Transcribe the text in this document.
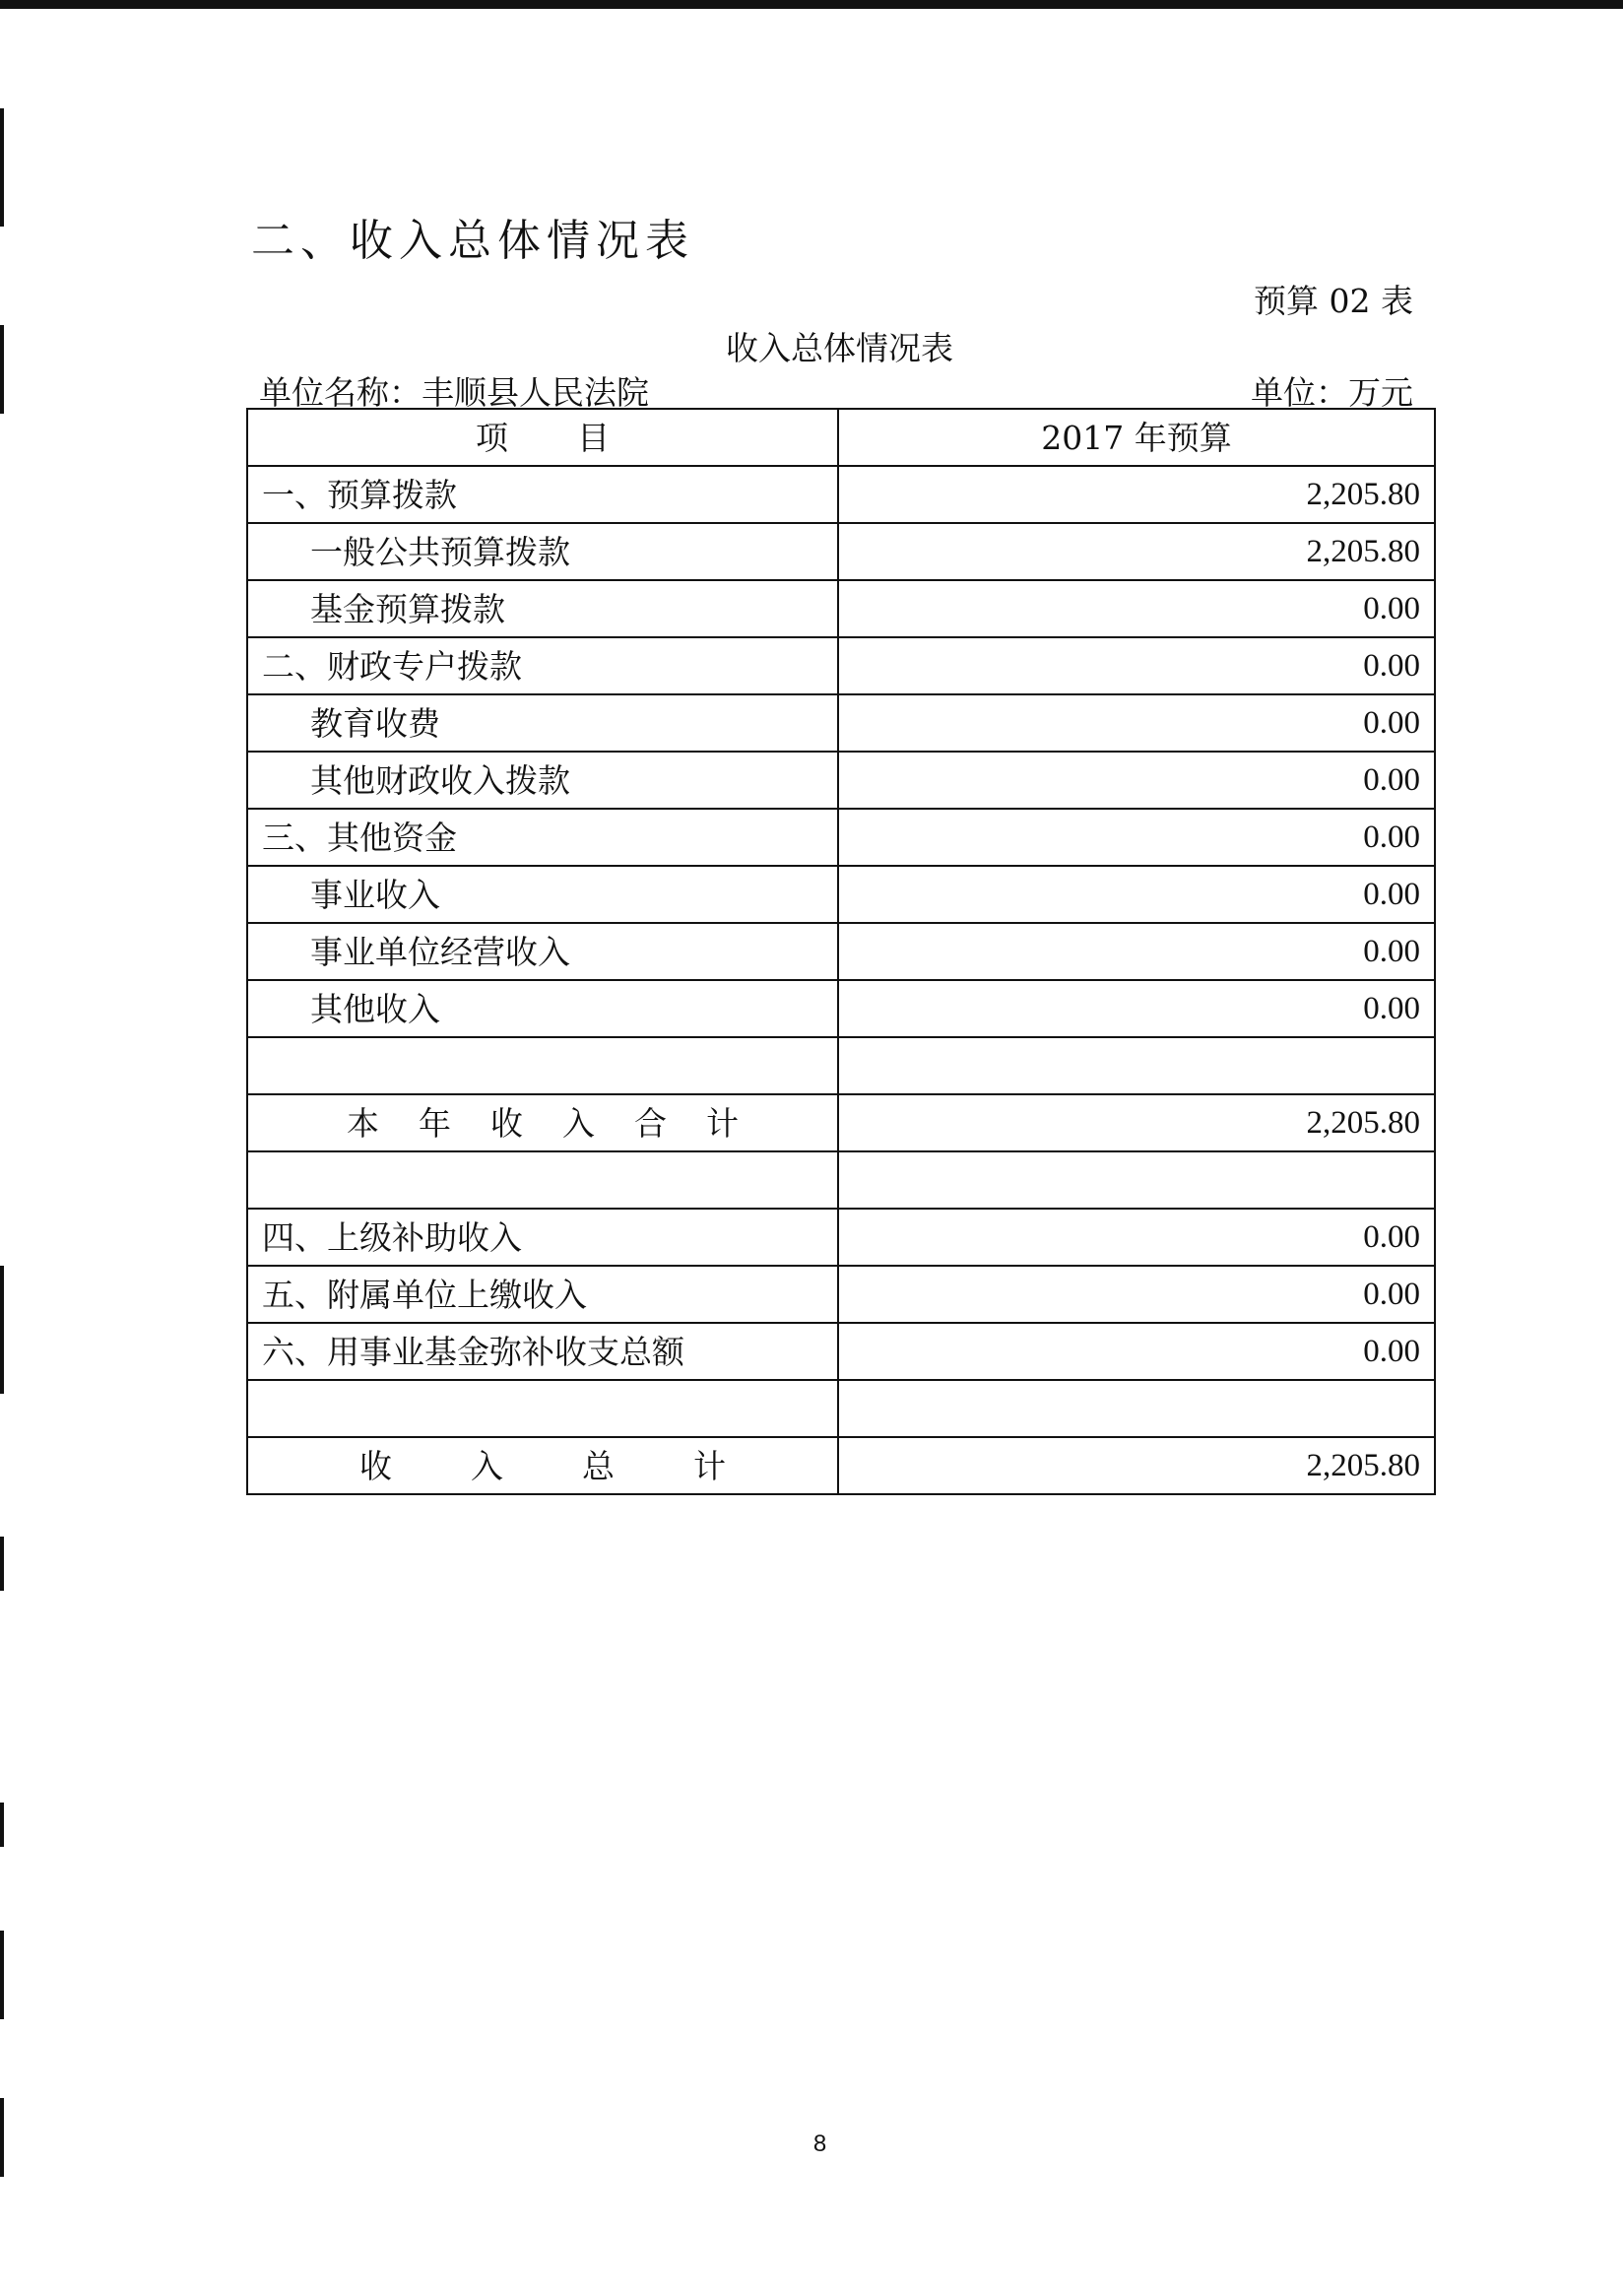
二、收入总体情况表
预算 02 表
收入总体情况表
单位名称：丰顺县人民法院	单位：万元
项 目	2017 年预算
一、预算拨款	2,205.80
一般公共预算拨款	2,205.80
基金预算拨款	0.00
二、财政专户拨款	0.00
教育收费	0.00
其他财政收入拨款	0.00
三、其他资金	0.00
事业收入	0.00
事业单位经营收入	0.00
其他收入	0.00

本 年 收 入 合 计	2,205.80

四、上级补助收入	0.00
五、附属单位上缴收入	0.00
六、用事业基金弥补收支总额	0.00

收 入 总 计	2,205.80
8
